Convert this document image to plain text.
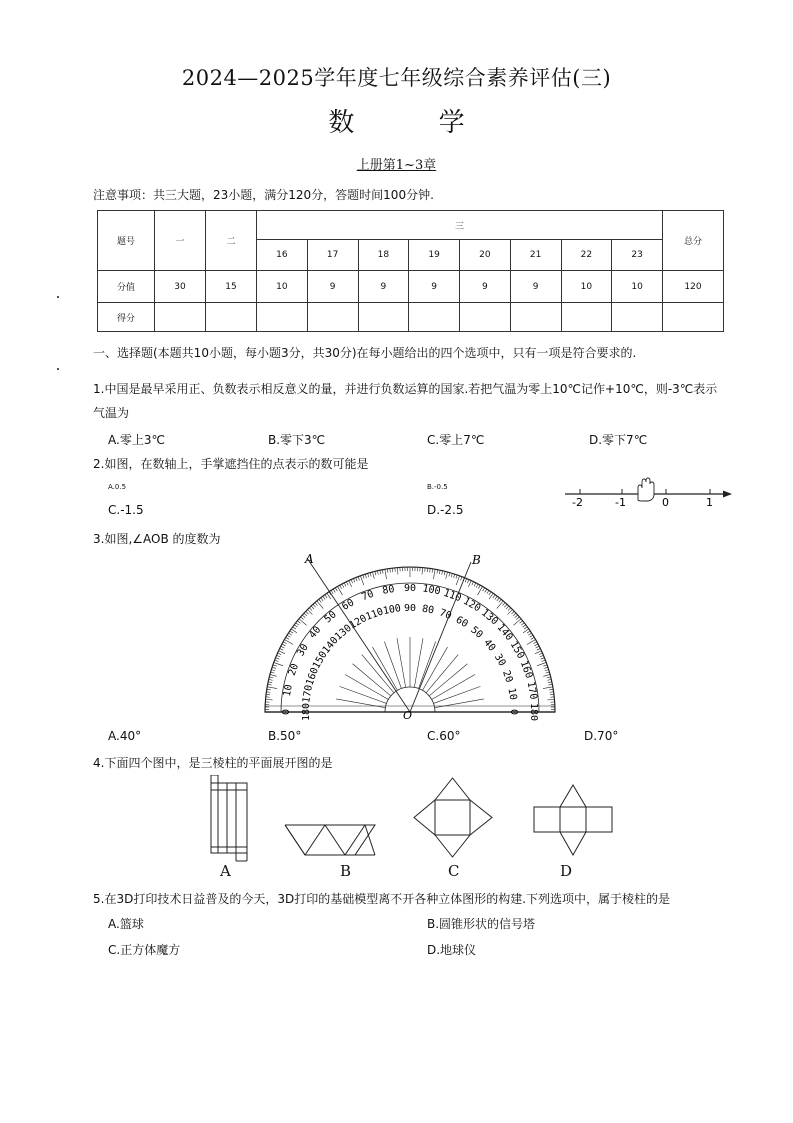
2024—2025学年度七年级综合素养评估(三)
数	学
上册第1~3章
注意事项：共三大题，23小题，满分120分，答题时间100分钟.
题号	一	二	三								总分
			16	17	18	19	20	21	22	23	
分值	30	15	10	9	9	9	9	9	10	10	120
得分											
一、选择题(本题共10小题，每小题3分，共30分)在每小题给出的四个选项中，只有一项是符合要求的.
1.中国是最早采用正、负数表示相反意义的量，并进行负数运算的国家.若把气温为零上10℃记作+10℃，则-3℃表示
气温为
A.零上3℃	B.零下3℃	C.零上7℃	D.零下7℃
2.如图，在数轴上，手掌遮挡住的点表示的数可能是
A.0.5	B.-0.5
C.-1.5	D.-2.5
-2	-1	0	1
3.如图,∠AOB 的度数为
0
10
20
30
40
50
60
70 80 90 100 110
120
130
140
150
160
170
180
180
170
160
150
140
130
120
110
100 90 80 70 60
50
40
30
20
10
0
A	B
O
A.40°	B.50°	C.60°	D.70°
4.下面四个图中，是三棱柱的平面展开图的是
A	B	C	D
5.在3D打印技术日益普及的今天，3D打印的基础模型离不开各种立体图形的构建.下列选项中，属于棱柱的是
A.篮球	B.圆锥形状的信号塔
C.正方体魔方	D.地球仪
